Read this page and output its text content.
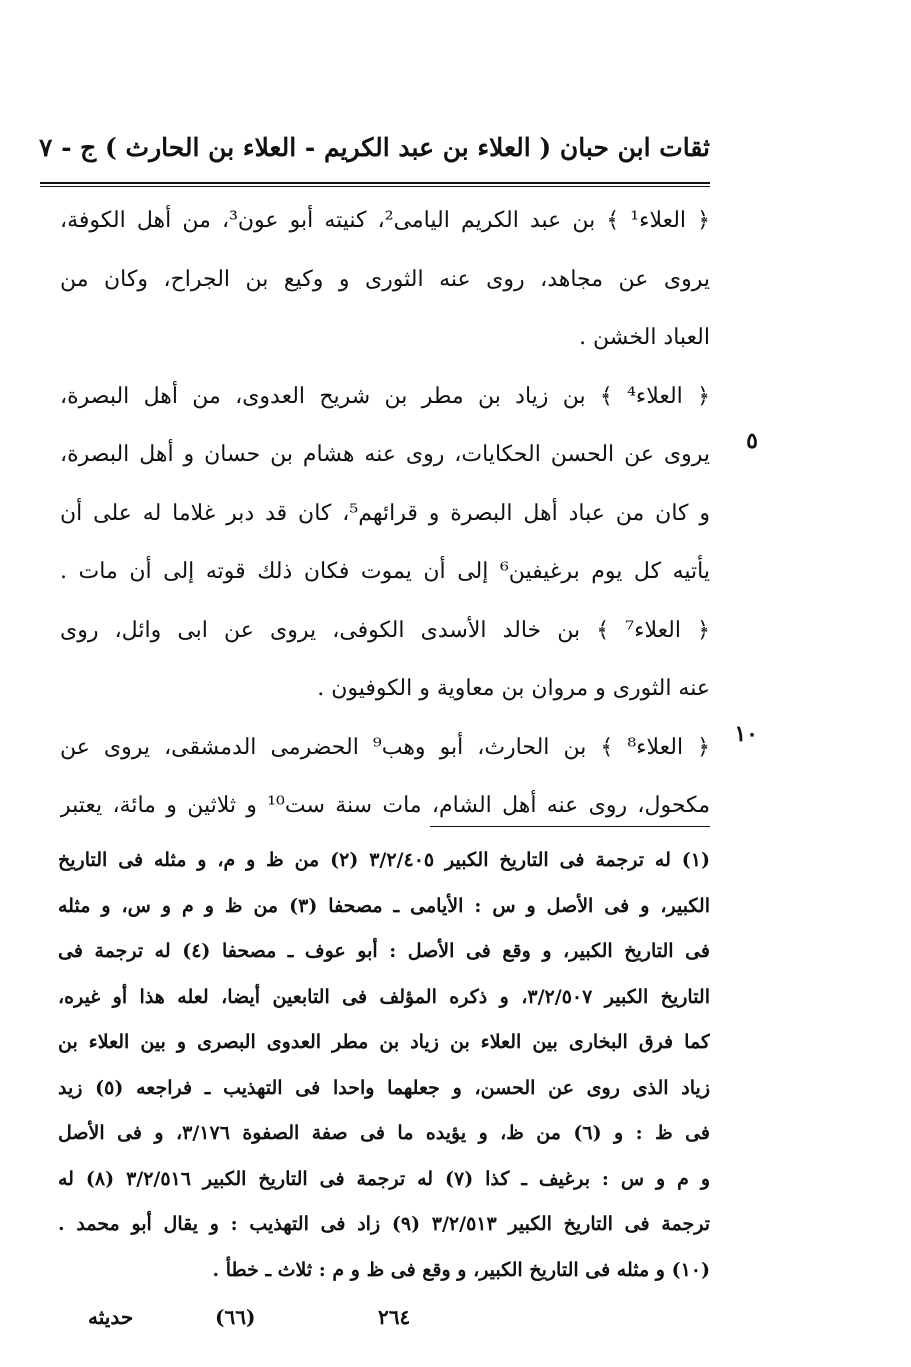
ثقات ابن حبان ( العلاء بن عبد الكريم - العلاء بن الحارث ) ج - ٧
٥
١٠
﴿ العلاء¹ ﴾ بن عبد الكريم اليامى²، كنيته أبو عون³، من أهل الكوفة،
يروى عن مجاهد، روى عنه الثورى و وكيع بن الجراح، وكان من
العباد الخشن .
﴿ العلاء⁴ ﴾ بن زياد بن مطر بن شريح العدوى، من أهل البصرة،
يروى عن الحسن الحكايات، روى عنه هشام بن حسان و أهل البصرة،
و كان من عباد أهل البصرة و قرائهم⁵، كان قد دبر غلاما له على أن
يأتيه كل يوم برغيفين⁶ إلى أن يموت فكان ذلك قوته إلى أن مات .
﴿ العلاء⁷ ﴾ بن خالد الأسدى الكوفى، يروى عن ابى وائل، روى
عنه الثورى و مروان بن معاوية و الكوفيون .
﴿ العلاء⁸ ﴾ بن الحارث، أبو وهب⁹ الحضرمى الدمشقى، يروى عن
مكحول، روى عنه أهل الشام، مات سنة ست¹⁰ و ثلاثين و مائة، يعتبر
(١) له ترجمة فى التاريخ الكبير ٣/٢/٤٠٥ (٢) من ظ و م، و مثله فى التاريخ
الكبير، و فى الأصل و س : الأيامى ـ مصحفا (٣) من ظ و م و س، و مثله
فى التاريخ الكبير، و وقع فى الأصل : أبو عوف ـ مصحفا (٤) له ترجمة فى
التاريخ الكبير ٣/٢/٥٠٧، و ذكره المؤلف فى التابعين أيضا، لعله هذا أو غيره،
كما فرق البخارى بين العلاء بن زياد بن مطر العدوى البصرى و بين العلاء بن
زياد الذى روى عن الحسن، و جعلهما واحدا فى التهذيب ـ فراجعه (٥) زيد
فى ظ : و (٦) من ظ، و يؤيده ما فى صفة الصفوة ٣/١٧٦، و فى الأصل
و م و س : برغيف ـ كذا (٧) له ترجمة فى التاريخ الكبير ٣/٢/٥١٦ (٨) له
ترجمة فى التاريخ الكبير ٣/٢/٥١٣ (٩) زاد فى التهذيب : و يقال أبو محمد .
(١٠) و مثله فى التاريخ الكبير، و وقع فى ظ و م : ثلاث ـ خطأ .
حديثه	(٦٦)	٢٦٤
